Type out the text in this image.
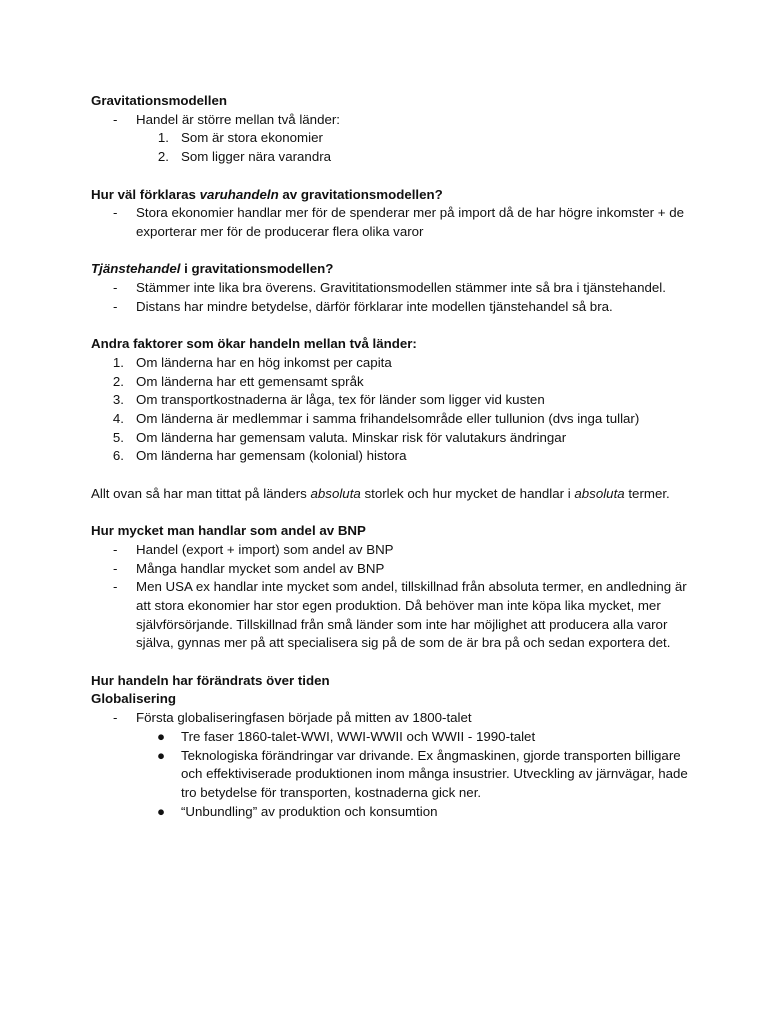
Gravitationsmodellen
- Handel är större mellan två länder:
1. Som är stora ekonomier
2. Som ligger nära varandra
Hur väl förklaras varuhandeln av gravitationsmodellen?
- Stora ekonomier handlar mer för de spenderar mer på import då de har högre inkomster + de exporterar mer för de producerar flera olika varor
Tjänstehandel i gravitationsmodellen?
- Stämmer inte lika bra överens. Gravititationsmodellen stämmer inte så bra i tjänstehandel.
- Distans har mindre betydelse, därför förklarar inte modellen tjänstehandel så bra.
Andra faktorer som ökar handeln mellan två länder:
1. Om länderna har en hög inkomst per capita
2. Om länderna har ett gemensamt språk
3. Om transportkostnaderna är låga, tex för länder som ligger vid kusten
4. Om länderna är medlemmar i samma frihandelsområde eller tullunion (dvs inga tullar)
5. Om länderna har gemensam valuta. Minskar risk för valutakurs ändringar
6. Om länderna har gemensam (kolonial) histora
Allt ovan så har man tittat på länders absoluta storlek och hur mycket de handlar i absoluta termer.
Hur mycket man handlar som andel av BNP
- Handel (export + import) som andel av BNP
- Många handlar mycket som andel av BNP
- Men USA ex handlar inte mycket som andel, tillskillnad från absoluta termer, en andledning är att stora ekonomier har stor egen produktion. Då behöver man inte köpa lika mycket, mer självförsörjande. Tillskillnad från små länder som inte har möjlighet att producera alla varor själva, gynnas mer på att specialisera sig på de som de är bra på och sedan exportera det.
Hur handeln har förändrats över tiden
Globalisering
- Första globaliseringfasen började på mitten av 1800-talet
● Tre faser 1860-talet-WWI, WWI-WWII och WWII - 1990-talet
● Teknologiska förändringar var drivande. Ex ångmaskinen, gjorde transporten billigare och effektiviserade produktionen inom många insustrier. Utveckling av järnvägar, hade tro betydelse för transporten, kostnaderna gick ner.
● “Unbundling” av produktion och konsumtion
